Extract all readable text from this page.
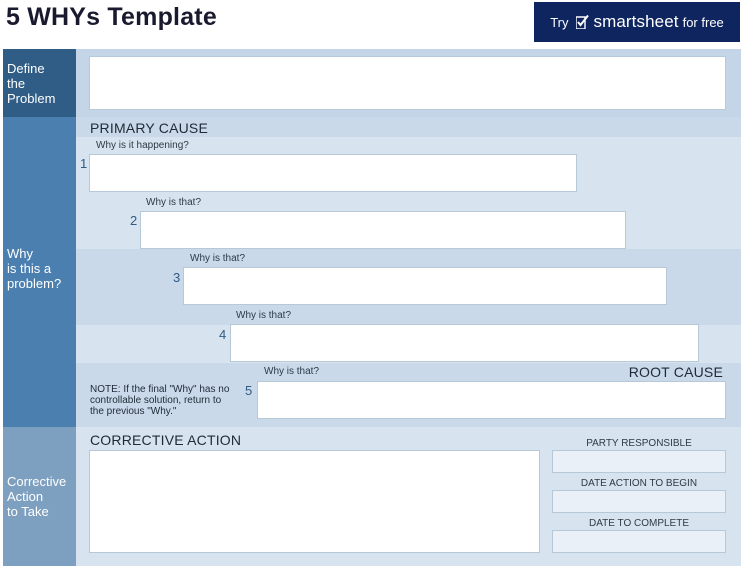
5 WHYs Template	Try smartsheet for free
Define
the
Problem
Why
is this a
problem?
PRIMARY CAUSE
Why is it happening?
1
Why is that?
2
Why is that?
3
Why is that?
4
Why is that?	ROOT CAUSE
NOTE: If the final "Why" has no controllable solution, return to the previous "Why."
5
Corrective
Action
to Take
CORRECTIVE ACTION	PARTY RESPONSIBLE
DATE ACTION TO BEGIN
DATE TO COMPLETE
